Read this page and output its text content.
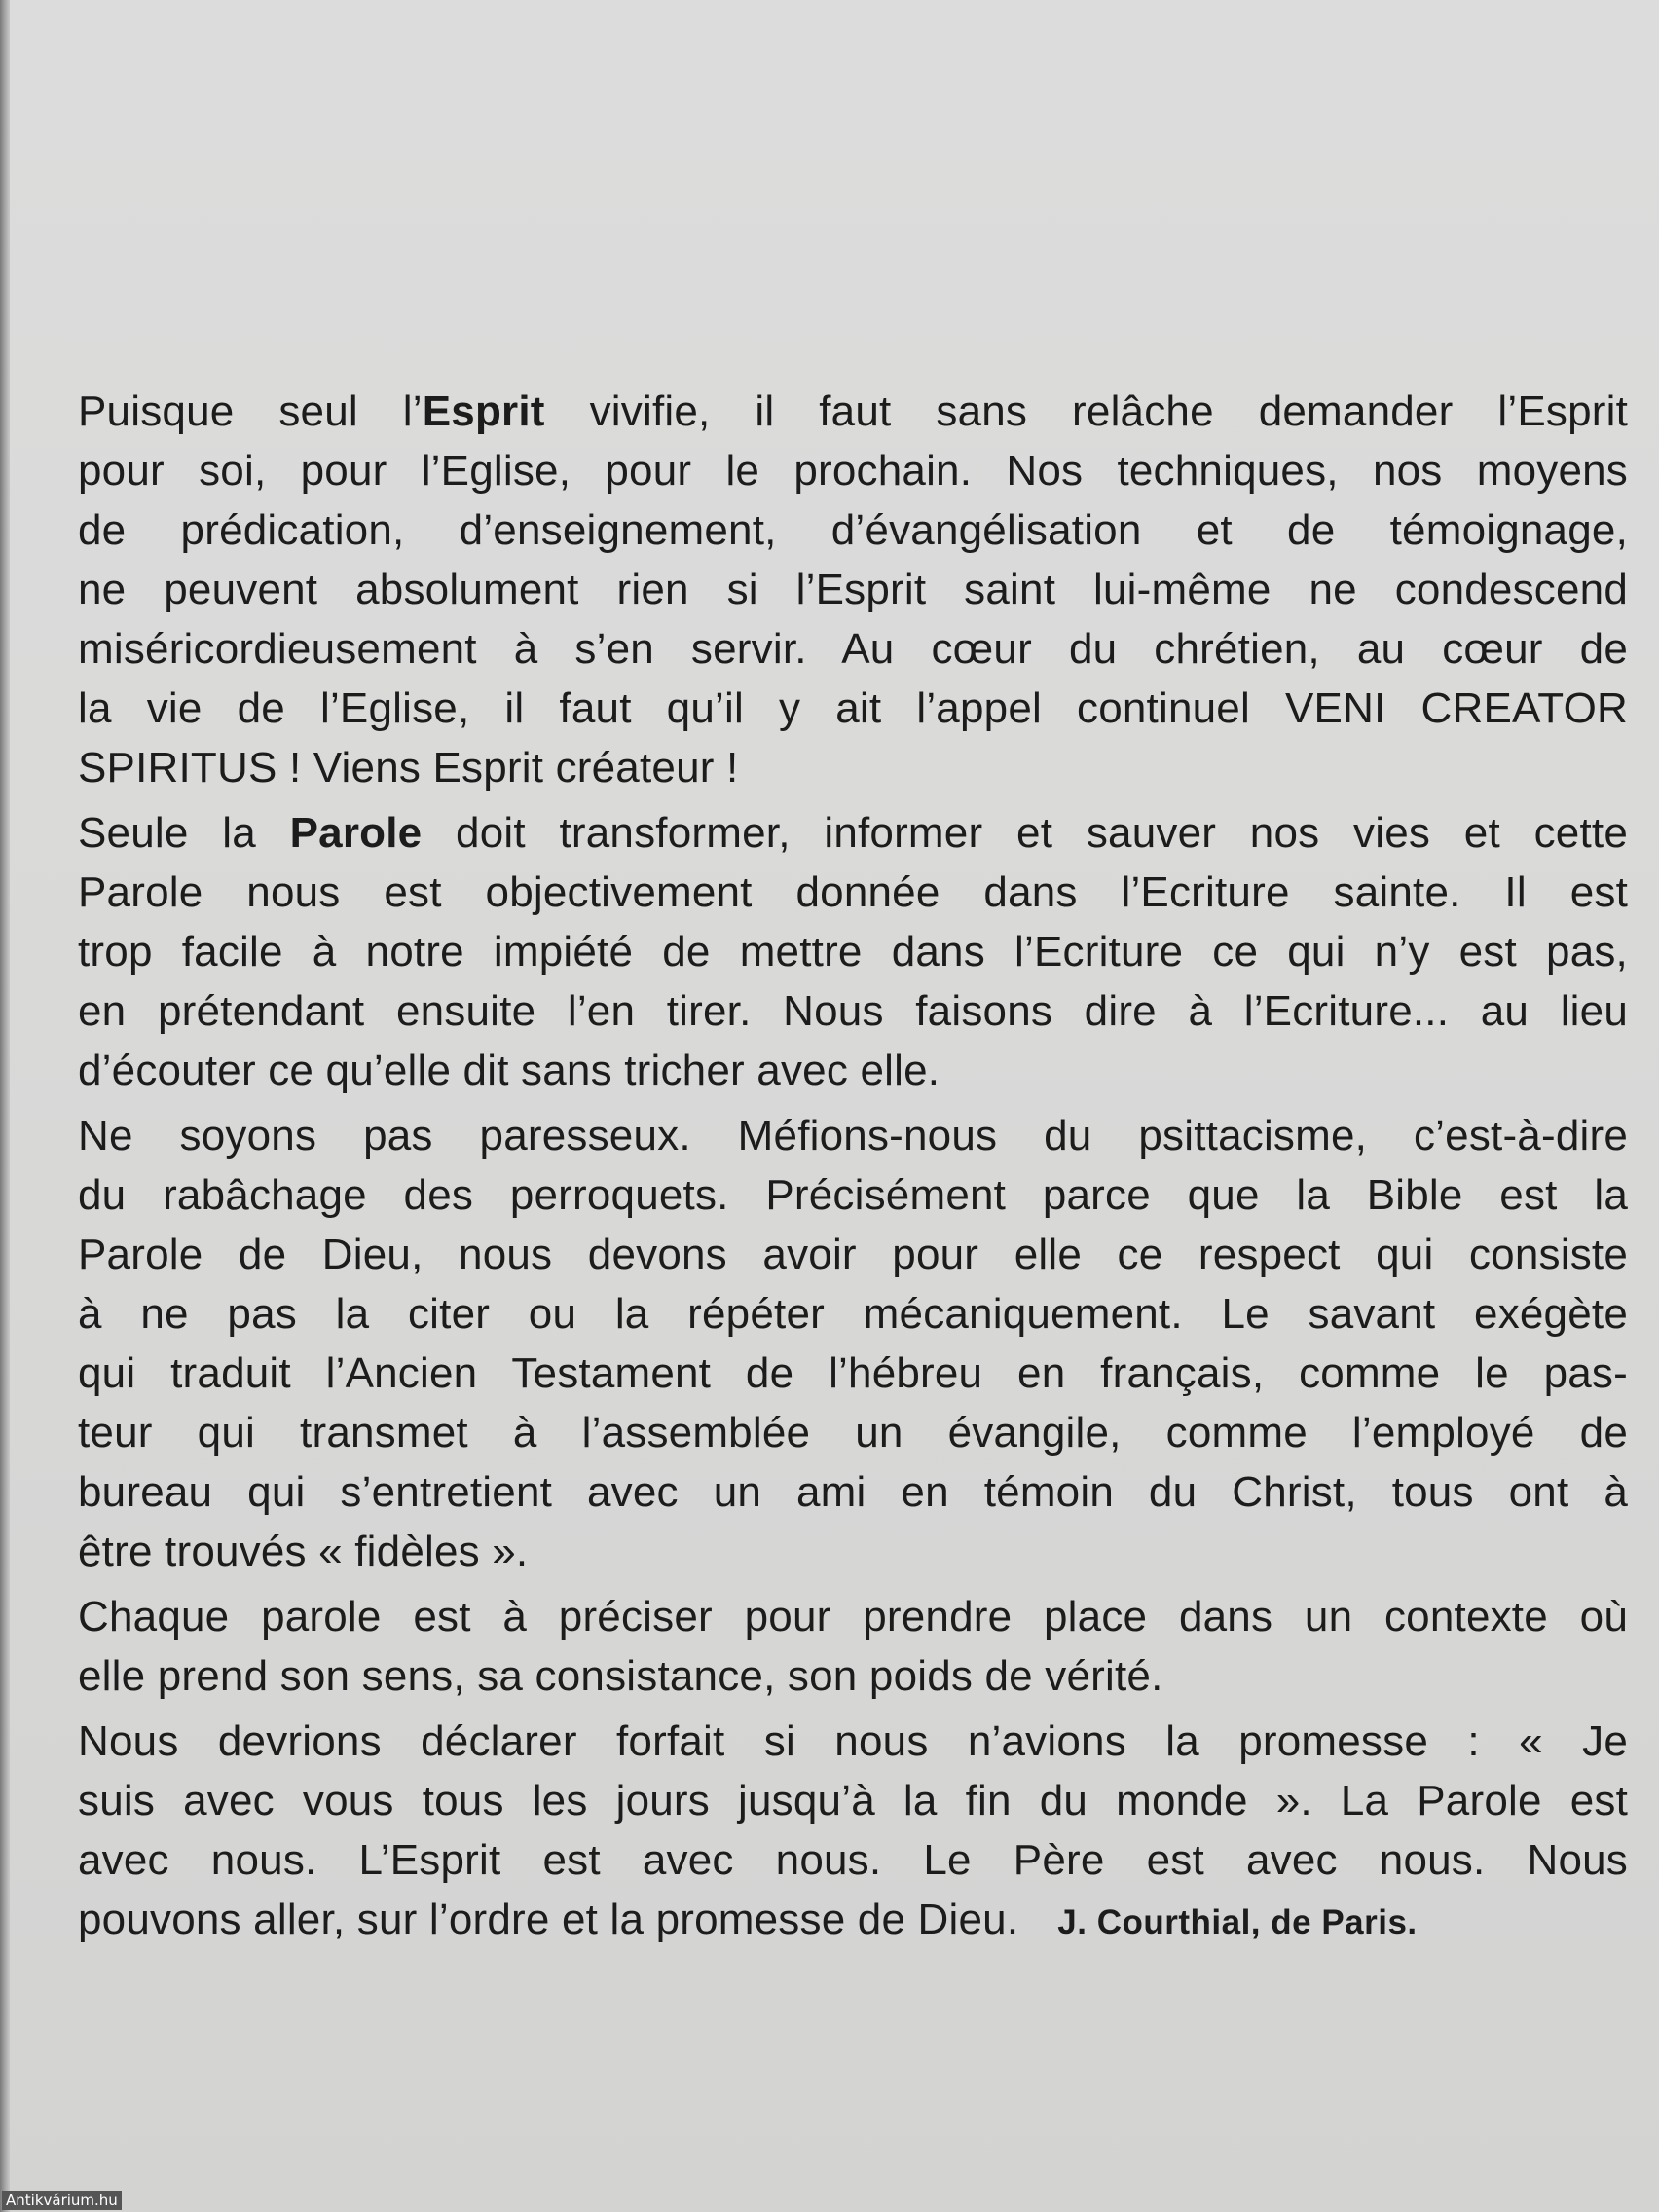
Puisque seul l’Esprit vivifie, il faut sans relâche demander l’Esprit
pour soi, pour l’Eglise, pour le prochain. Nos techniques, nos moyens
de prédication, d’enseignement, d’évangélisation et de témoignage,
ne peuvent absolument rien si l’Esprit saint lui-même ne condescend
miséricordieusement à s’en servir. Au cœur du chrétien, au cœur de
la vie de l’Eglise, il faut qu’il y ait l’appel continuel VENI CREATOR
SPIRITUS ! Viens Esprit créateur !
Seule la Parole doit transformer, informer et sauver nos vies et cette
Parole nous est objectivement donnée dans l’Ecriture sainte. Il est
trop facile à notre impiété de mettre dans l’Ecriture ce qui n’y est pas,
en prétendant ensuite l’en tirer. Nous faisons dire à l’Ecriture... au lieu
d’écouter ce qu’elle dit sans tricher avec elle.
Ne soyons pas paresseux. Méfions-nous du psittacisme, c’est-à-dire
du rabâchage des perroquets. Précisément parce que la Bible est la
Parole de Dieu, nous devons avoir pour elle ce respect qui consiste
à ne pas la citer ou la répéter mécaniquement. Le savant exégète
qui traduit l’Ancien Testament de l’hébreu en français, comme le pas-
teur qui transmet à l’assemblée un évangile, comme l’employé de
bureau qui s’entretient avec un ami en témoin du Christ, tous ont à
être trouvés « fidèles ».
Chaque parole est à préciser pour prendre place dans un contexte où
elle prend son sens, sa consistance, son poids de vérité.
Nous devrions déclarer forfait si nous n’avions la promesse : « Je
suis avec vous tous les jours jusqu’à la fin du monde ». La Parole est
avec nous. L’Esprit est avec nous. Le Père est avec nous. Nous
pouvons aller, sur l’ordre et la promesse de Dieu. J. Courthial, de Paris.
Antikvárium.hu
